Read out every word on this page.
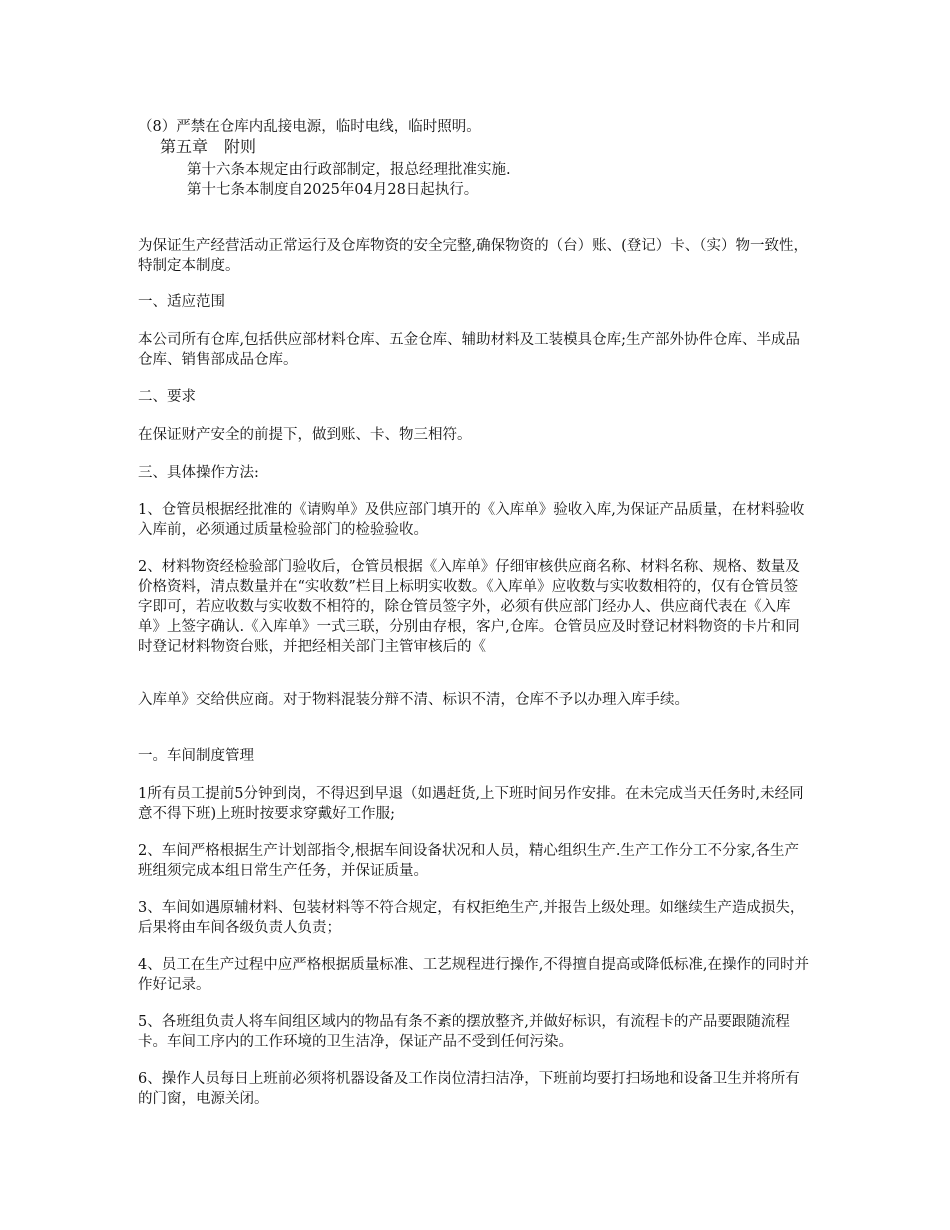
（8）严禁在仓库内乱接电源，临时电线，临时照明。

第五章　附则

第十六条本规定由行政部制定，报总经理批准实施.

第十七条本制度自2025年04月28日起执行。

为保证生产经营活动正常运行及仓库物资的安全完整,确保物资的（台）账、(登记）卡、（实）物一致性，特制定本制度。

一、适应范围

本公司所有仓库,包括供应部材料仓库、五金仓库、辅助材料及工装模具仓库;生产部外协件仓库、半成品仓库、销售部成品仓库。

二、要求

在保证财产安全的前提下，做到账、卡、物三相符。

三、具体操作方法:

1、仓管员根据经批准的《请购单》及供应部门填开的《入库单》验收入库,为保证产品质量，在材料验收入库前，必须通过质量检验部门的检验验收。

2、材料物资经检验部门验收后，仓管员根据《入库单》仔细审核供应商名称、材料名称、规格、数量及价格资料，清点数量并在“实收数”栏目上标明实收数。《入库单》应收数与实收数相符的，仅有仓管员签字即可，若应收数与实收数不相符的，除仓管员签字外，必须有供应部门经办人、供应商代表在《入库单》上签字确认.《入库单》一式三联，分别由存根，客户,仓库。仓管员应及时登记材料物资的卡片和同时登记材料物资台账，并把经相关部门主管审核后的《

入库单》交给供应商。对于物料混装分辩不清、标识不清，仓库不予以办理入库手续。

一。车间制度管理

1所有员工提前5分钟到岗，不得迟到早退（如遇赶货,上下班时间另作安排。在未完成当天任务时,未经同意不得下班)上班时按要求穿戴好工作服;

2、车间严格根据生产计划部指令,根据车间设备状况和人员，精心组织生产.生产工作分工不分家,各生产班组须完成本组日常生产任务，并保证质量。

3、车间如遇原辅材料、包装材料等不符合规定，有权拒绝生产,并报告上级处理。如继续生产造成损失，后果将由车间各级负责人负责；

4、员工在生产过程中应严格根据质量标准、工艺规程进行操作,不得擅自提高或降低标准,在操作的同时并作好记录。

5、各班组负责人将车间组区域内的物品有条不紊的摆放整齐,并做好标识，有流程卡的产品要跟随流程卡。车间工序内的工作环境的卫生洁净，保证产品不受到任何污染。

6、操作人员每日上班前必须将机器设备及工作岗位清扫洁净，下班前均要打扫场地和设备卫生并将所有的门窗，电源关闭。
